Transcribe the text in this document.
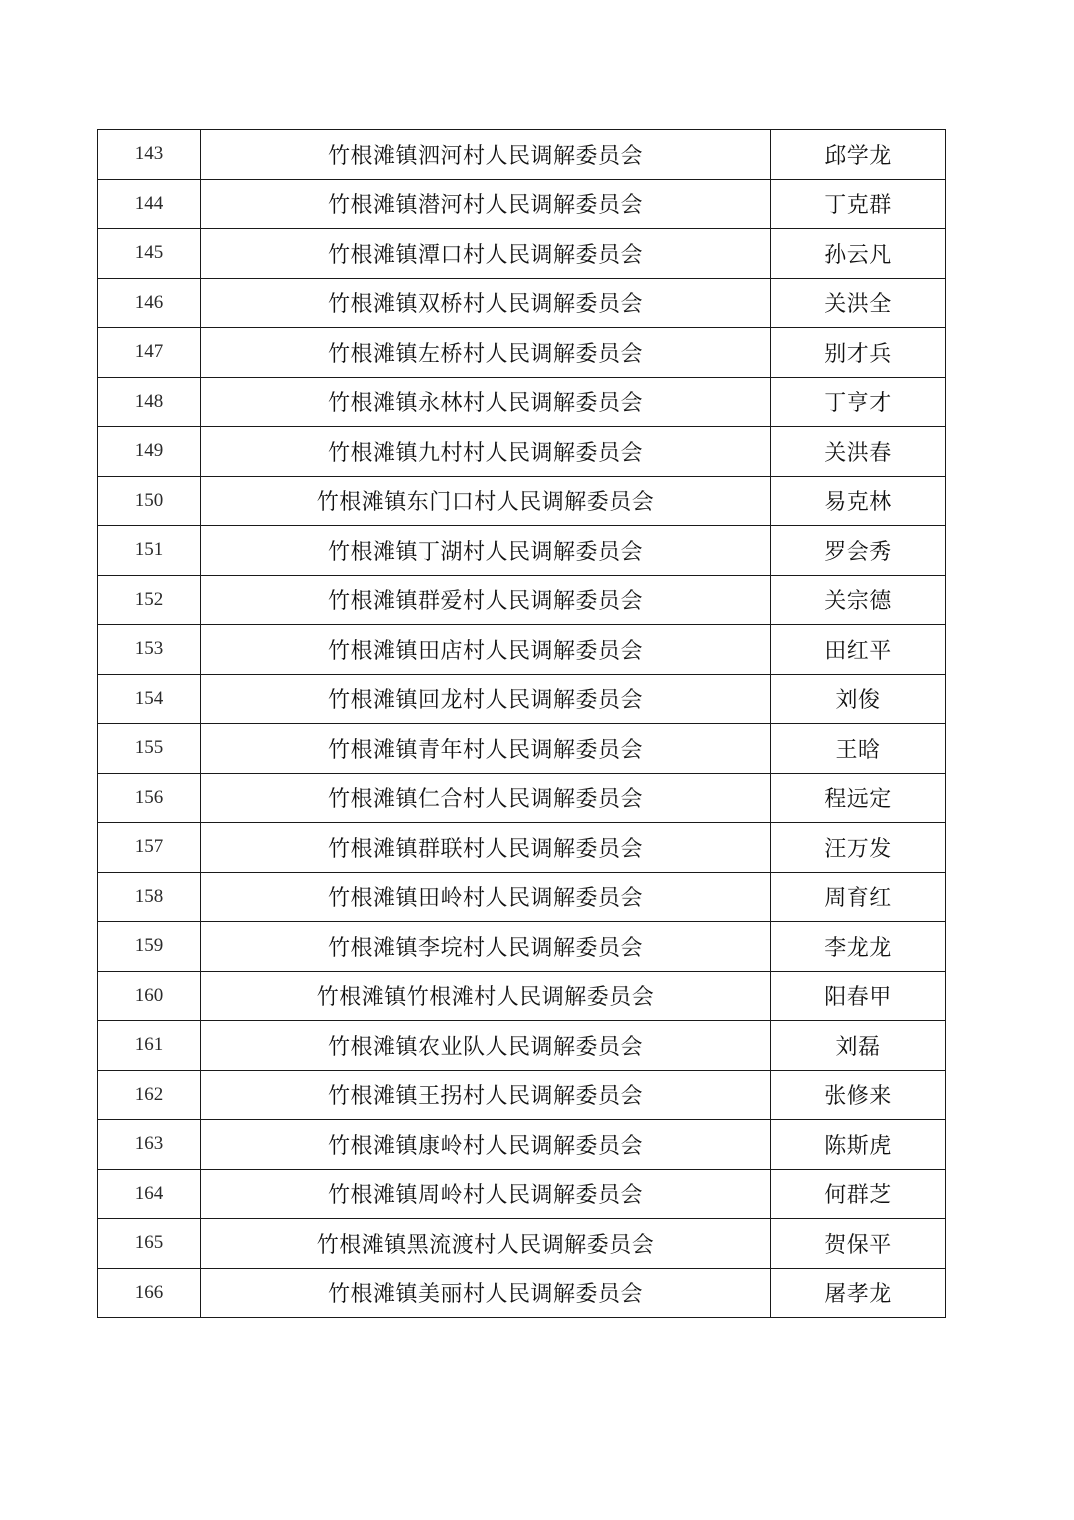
143	竹根滩镇泗河村人民调解委员会	邱学龙
144	竹根滩镇潜河村人民调解委员会	丁克群
145	竹根滩镇潭口村人民调解委员会	孙云凡
146	竹根滩镇双桥村人民调解委员会	关洪全
147	竹根滩镇左桥村人民调解委员会	别才兵
148	竹根滩镇永林村人民调解委员会	丁亨才
149	竹根滩镇九村村人民调解委员会	关洪春
150	竹根滩镇东门口村人民调解委员会	易克林
151	竹根滩镇丁湖村人民调解委员会	罗会秀
152	竹根滩镇群爱村人民调解委员会	关宗德
153	竹根滩镇田店村人民调解委员会	田红平
154	竹根滩镇回龙村人民调解委员会	刘俊
155	竹根滩镇青年村人民调解委员会	王晗
156	竹根滩镇仁合村人民调解委员会	程远定
157	竹根滩镇群联村人民调解委员会	汪万发
158	竹根滩镇田岭村人民调解委员会	周育红
159	竹根滩镇李垸村人民调解委员会	李龙龙
160	竹根滩镇竹根滩村人民调解委员会	阳春甲
161	竹根滩镇农业队人民调解委员会	刘磊
162	竹根滩镇王拐村人民调解委员会	张修来
163	竹根滩镇康岭村人民调解委员会	陈斯虎
164	竹根滩镇周岭村人民调解委员会	何群芝
165	竹根滩镇黑流渡村人民调解委员会	贺保平
166	竹根滩镇美丽村人民调解委员会	屠孝龙
